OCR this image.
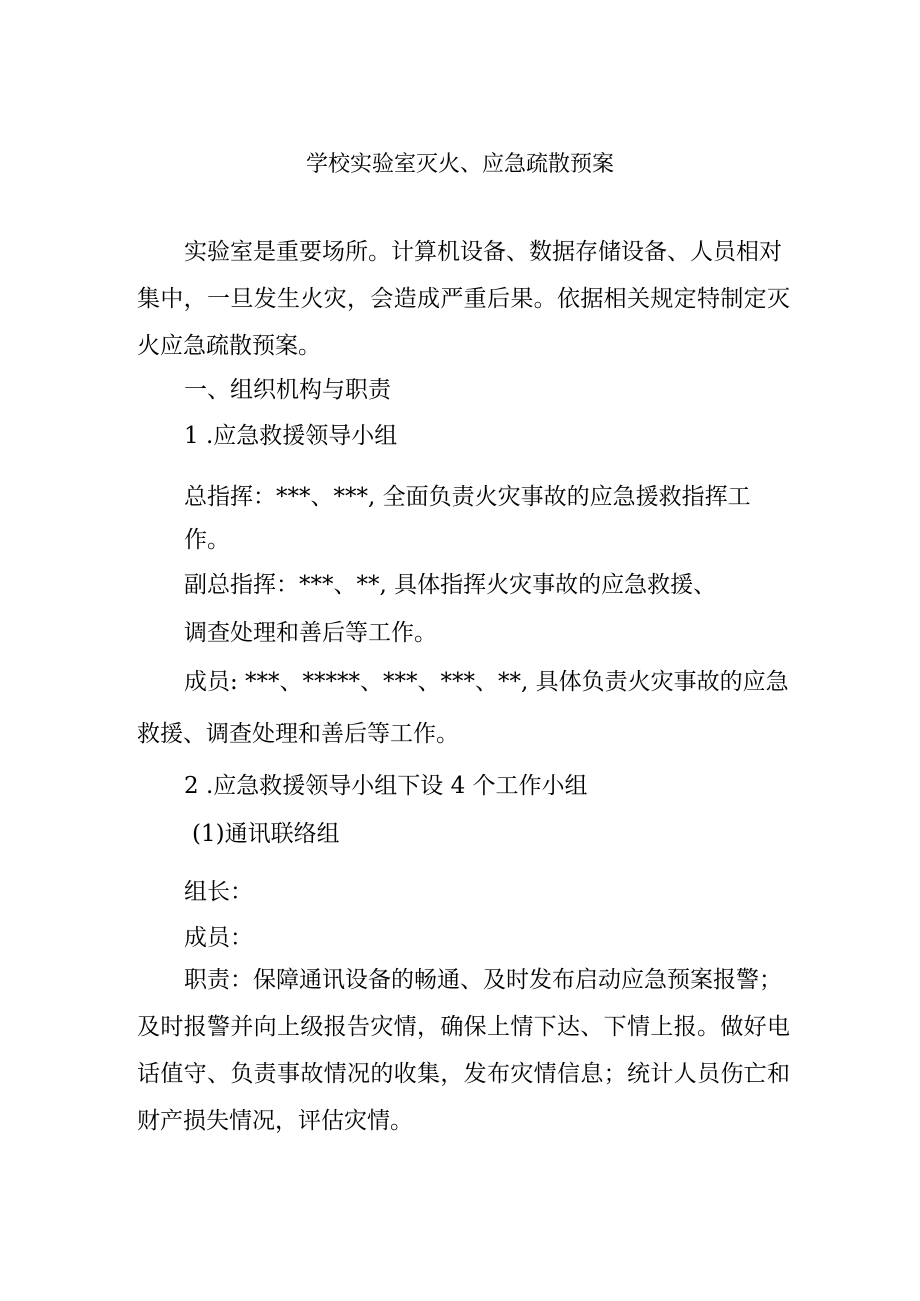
学校实验室灭火、应急疏散预案

实验室是重要场所。计算机设备、数据存储设备、人员相对

集中，一旦发生火灾，会造成严重后果。依据相关规定特制定灭

火应急疏散预案。

一、组织机构与职责

1 .应急救援领导小组

总指挥：***、***, 全面负责火灾事故的应急援救指挥工

作。

副总指挥：***、**, 具体指挥火灾事故的应急救援、

调查处理和善后等工作。

成员: ***、*****、***、***、**, 具体负责火灾事故的应急

救援、调查处理和善后等工作。

2 .应急救援领导小组下设 4 个工作小组

(1)通讯联络组

组长：

成员：

职责：保障通讯设备的畅通、及时发布启动应急预案报警；

及时报警并向上级报告灾情，确保上情下达、下情上报。做好电

话值守、负责事故情况的收集，发布灾情信息；统计人员伤亡和

财产损失情况，评估灾情。
